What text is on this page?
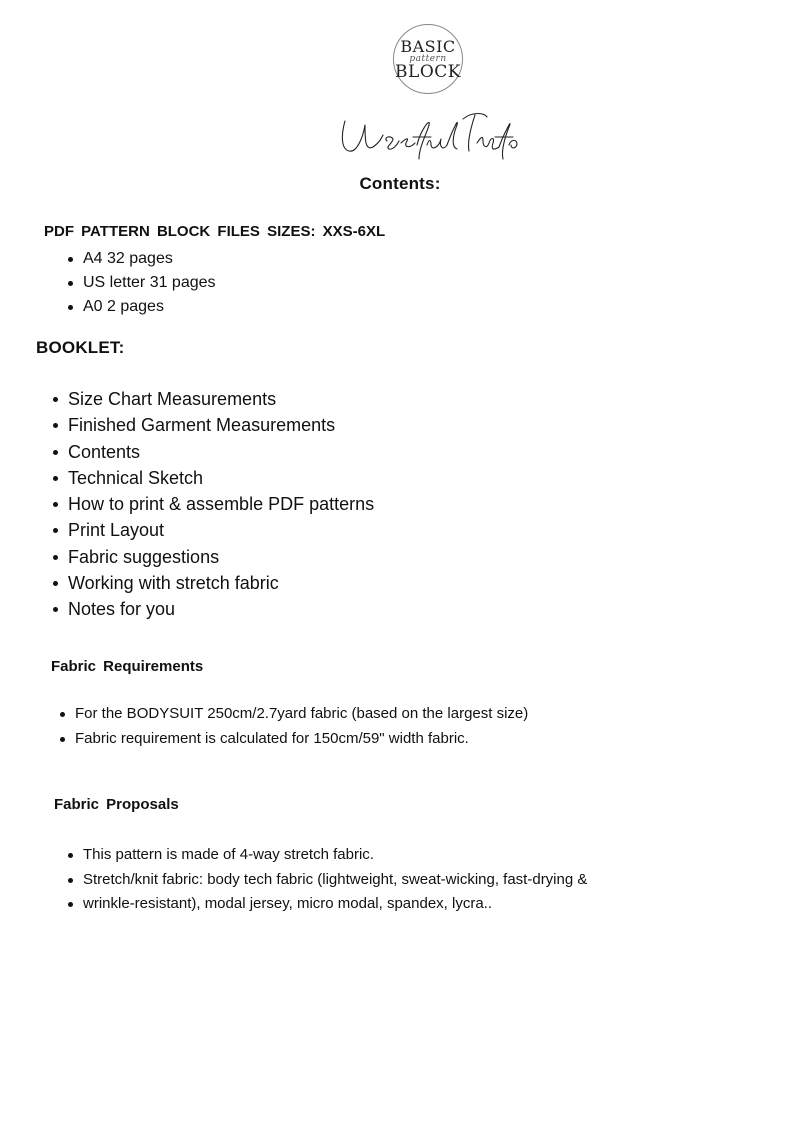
BASIC
pattern
BLOCK
Contents:
PDF PATTERN BLOCK FILES SIZES: XXS-6XL
A4 32 pages
US letter 31 pages
A0 2 pages
BOOKLET:
Size Chart Measurements
Finished Garment Measurements
Contents
Technical Sketch
How to print & assemble PDF patterns
Print Layout
Fabric suggestions
Working with stretch fabric
Notes for you
Fabric Requirements
For the BODYSUIT 250cm/2.7yard fabric (based on the largest size)
Fabric requirement is calculated for 150cm/59" width fabric.
Fabric Proposals
This pattern is made of 4-way stretch fabric.
Stretch/knit fabric: body tech fabric (lightweight, sweat-wicking, fast-drying &
wrinkle-resistant), modal jersey, micro modal, spandex, lycra..
